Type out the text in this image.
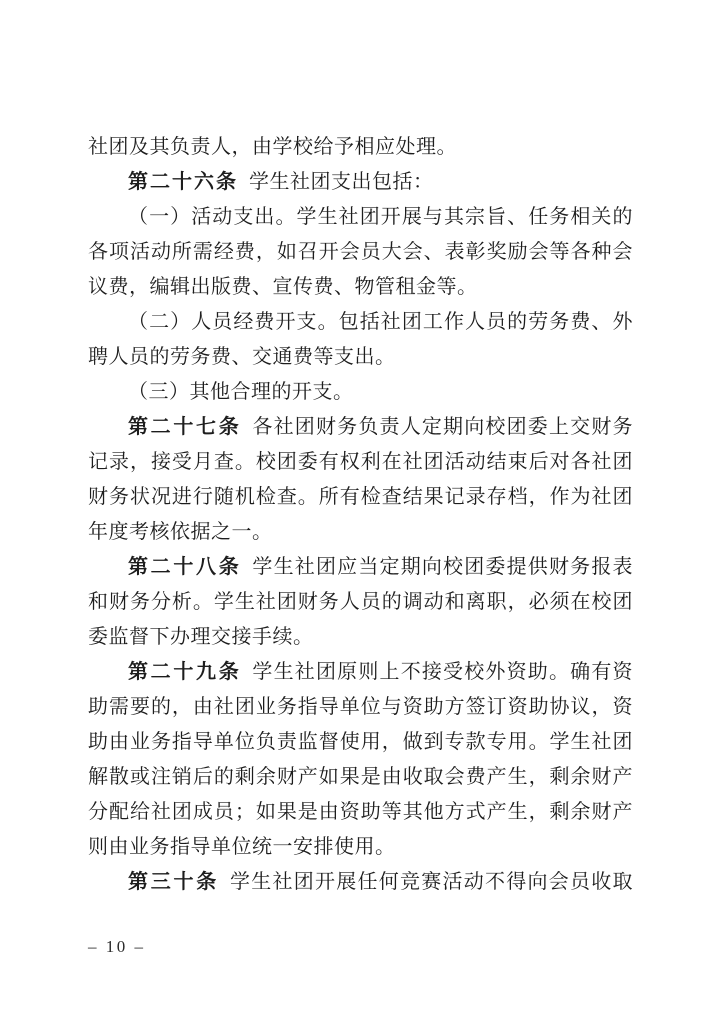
社团及其负责人，由学校给予相应处理。
第二十六条 学生社团支出包括：
（一）活动支出。学生社团开展与其宗旨、任务相关的
各项活动所需经费，如召开会员大会、表彰奖励会等各种会
议费，编辑出版费、宣传费、物管租金等。
（二）人员经费开支。包括社团工作人员的劳务费、外
聘人员的劳务费、交通费等支出。
（三）其他合理的开支。
第二十七条 各社团财务负责人定期向校团委上交财务
记录，接受月查。校团委有权利在社团活动结束后对各社团
财务状况进行随机检查。所有检查结果记录存档，作为社团
年度考核依据之一。
第二十八条 学生社团应当定期向校团委提供财务报表
和财务分析。学生社团财务人员的调动和离职，必须在校团
委监督下办理交接手续。
第二十九条 学生社团原则上不接受校外资助。确有资
助需要的，由社团业务指导单位与资助方签订资助协议，资
助由业务指导单位负责监督使用，做到专款专用。学生社团
解散或注销后的剩余财产如果是由收取会费产生，剩余财产
分配给社团成员；如果是由资助等其他方式产生，剩余财产
则由业务指导单位统一安排使用。
第三十条 学生社团开展任何竞赛活动不得向会员收取
– 10 –
